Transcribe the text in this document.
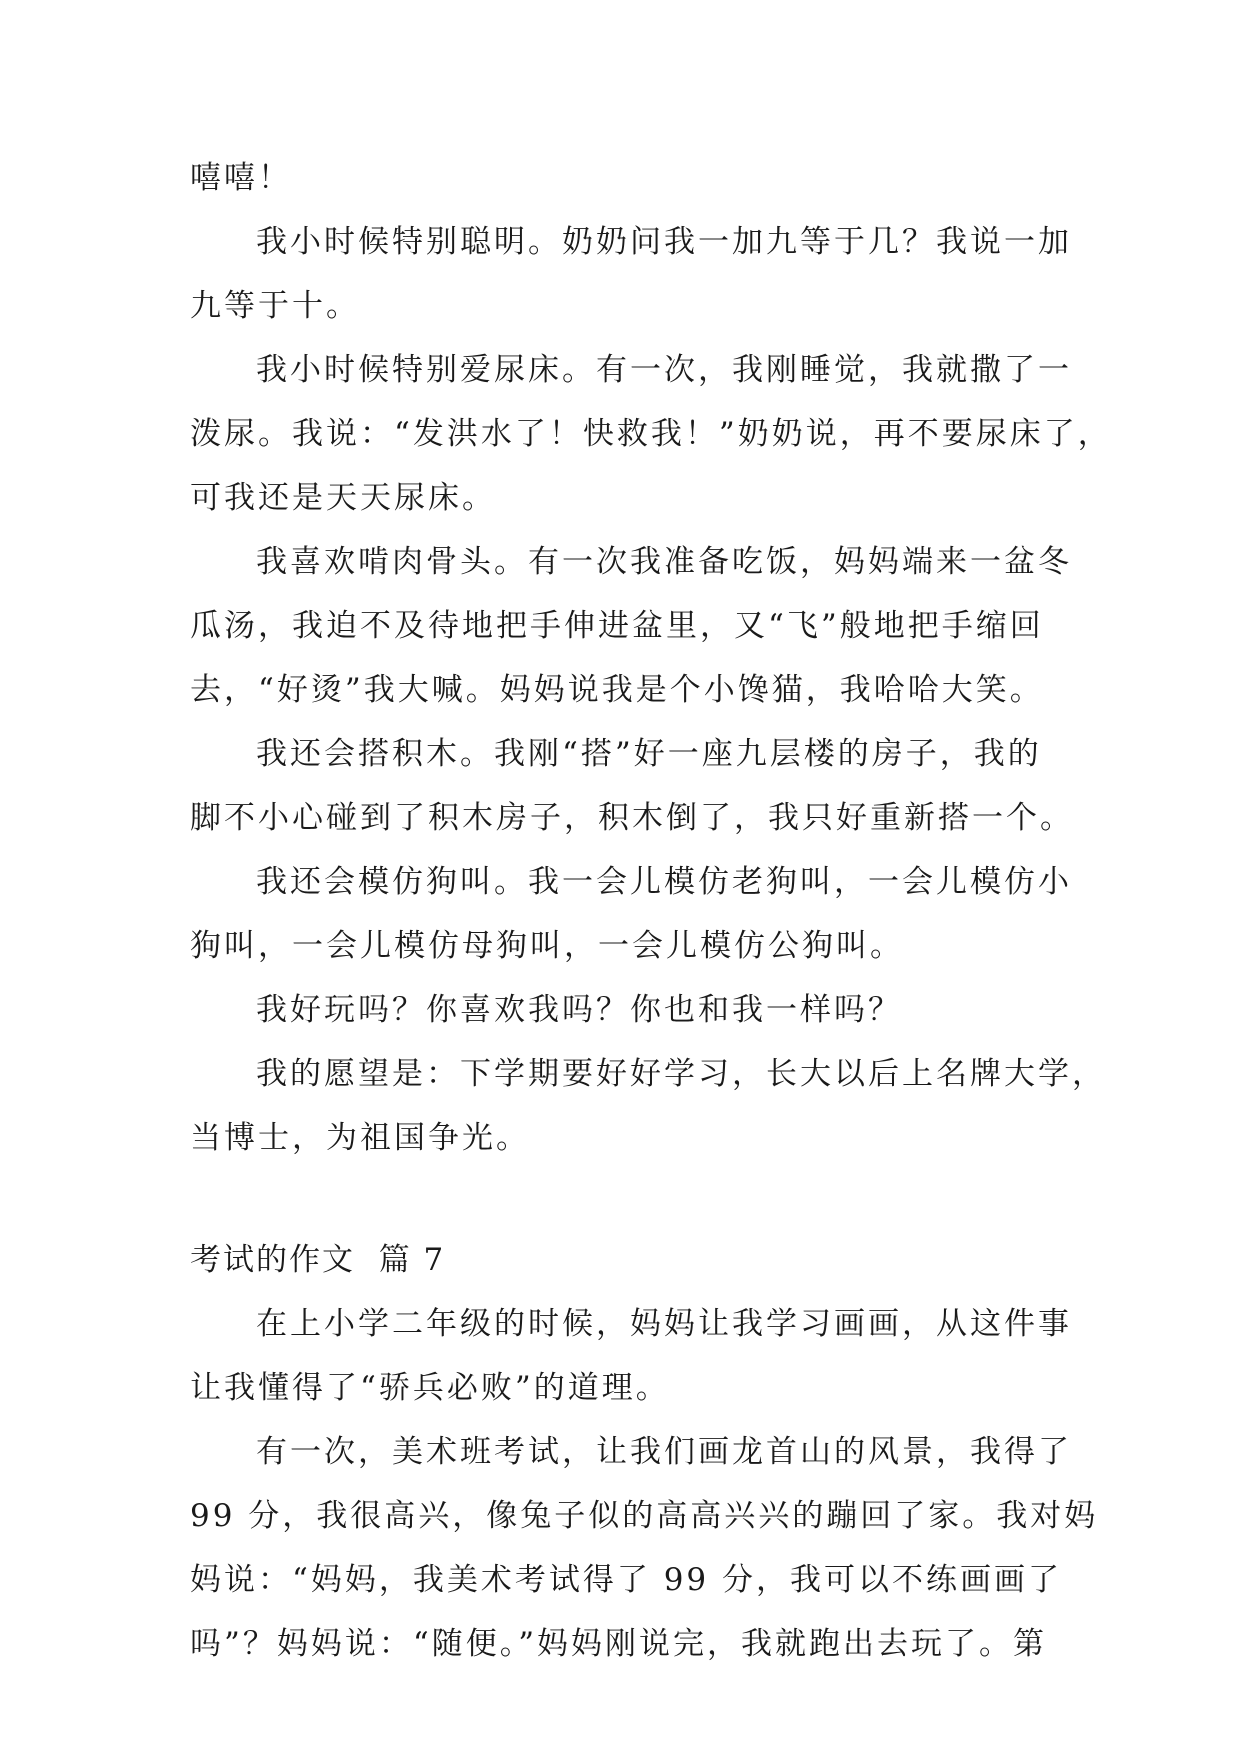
嘻嘻！
我小时候特别聪明。奶奶问我一加九等于几？我说一加
九等于十。
我小时候特别爱尿床。有一次，我刚睡觉，我就撒了一
泼尿。我说：“发洪水了！快救我！”奶奶说，再不要尿床了，
可我还是天天尿床。
我喜欢啃肉骨头。有一次我准备吃饭，妈妈端来一盆冬
瓜汤，我迫不及待地把手伸进盆里，又“飞”般地把手缩回
去，“好烫”我大喊。妈妈说我是个小馋猫，我哈哈大笑。
我还会搭积木。我刚“搭”好一座九层楼的房子，我的
脚不小心碰到了积木房子，积木倒了，我只好重新搭一个。
我还会模仿狗叫。我一会儿模仿老狗叫，一会儿模仿小
狗叫，一会儿模仿母狗叫，一会儿模仿公狗叫。
我好玩吗？你喜欢我吗？你也和我一样吗？
我的愿望是：下学期要好好学习，长大以后上名牌大学，
当博士，为祖国争光。
考试的作文  篇 7
在上小学二年级的时候，妈妈让我学习画画，从这件事
让我懂得了“骄兵必败”的道理。
有一次，美术班考试，让我们画龙首山的风景，我得了
99 分，我很高兴，像兔子似的高高兴兴的蹦回了家。我对妈
妈说：“妈妈，我美术考试得了 99 分，我可以不练画画了
吗”？妈妈说：“随便。”妈妈刚说完，我就跑出去玩了。第
